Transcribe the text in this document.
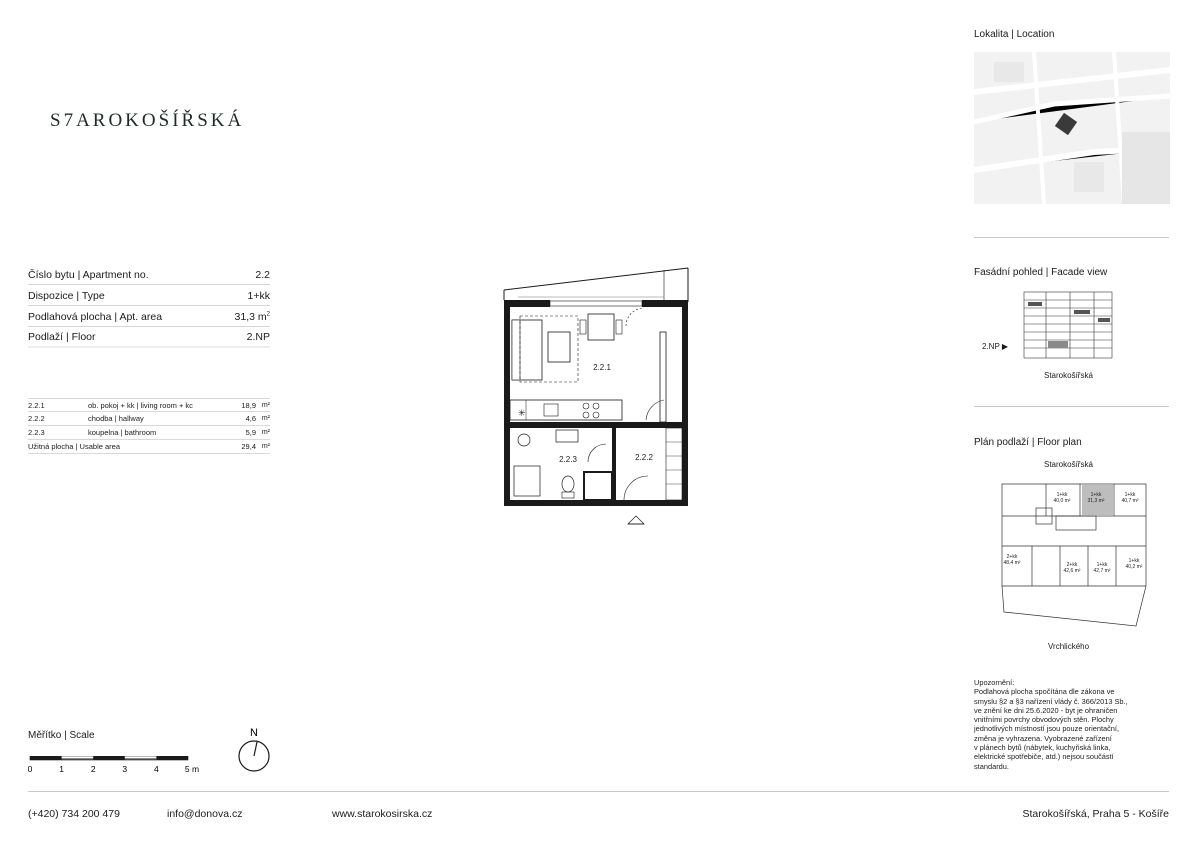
S7AROKOŠÍŘSKÁ
Číslo bytu | Apartment no.	2.2
Dispozice | Type	1+kk
Podlahová plocha | Apt. area	31,3 $m^2$
Podlaží | Floor	2.NP
2.2.1	ob. pokoj + kk | living room + kc	18,9 m²
2.2.2	chodba | hallway	4,6 m²
2.2.3	koupelna | bathroom	5,9 m²
Užitná plocha | Usable area	29,4 m²
2.2.1
2.2.2
2.2.3
✳
Měřítko | Scale
0	1	2	3	4	5 m
N
Lokalita | Location
Fasádní pohled | Facade view
2.NP ▶
Starokošířská
Plán podlaží | Floor plan
Starokošířská
1+kk
40,0 m²
1+kk
31,3 m²
1+kk
40,7 m²
2+kk
48,4 m²	2+kk
42,6 m²
1+kk
42,7 m²
1+kk
40,2 m²
Vrchlického
Upozornění:
Podlahová plocha spočítána dle zákona ve
smyslu §2 a §3 nařízení vlády č. 366/2013 Sb.,
ve znění ke dni 25.6.2020 - byt je ohraničen
vnitřními povrchy obvodových stěn. Plochy
jednotlivých místností jsou pouze orientační,
změna je vyhrazena. Vyobrazené zařízení
v plánech bytů (nábytek, kuchyňská linka,
elektrické spotřebiče, atd.) nejsou součástí
standardu.
(+420) 734 200 479	info@donova.cz	www.starokosirska.cz	Starokošířská, Praha 5 - Košíře
